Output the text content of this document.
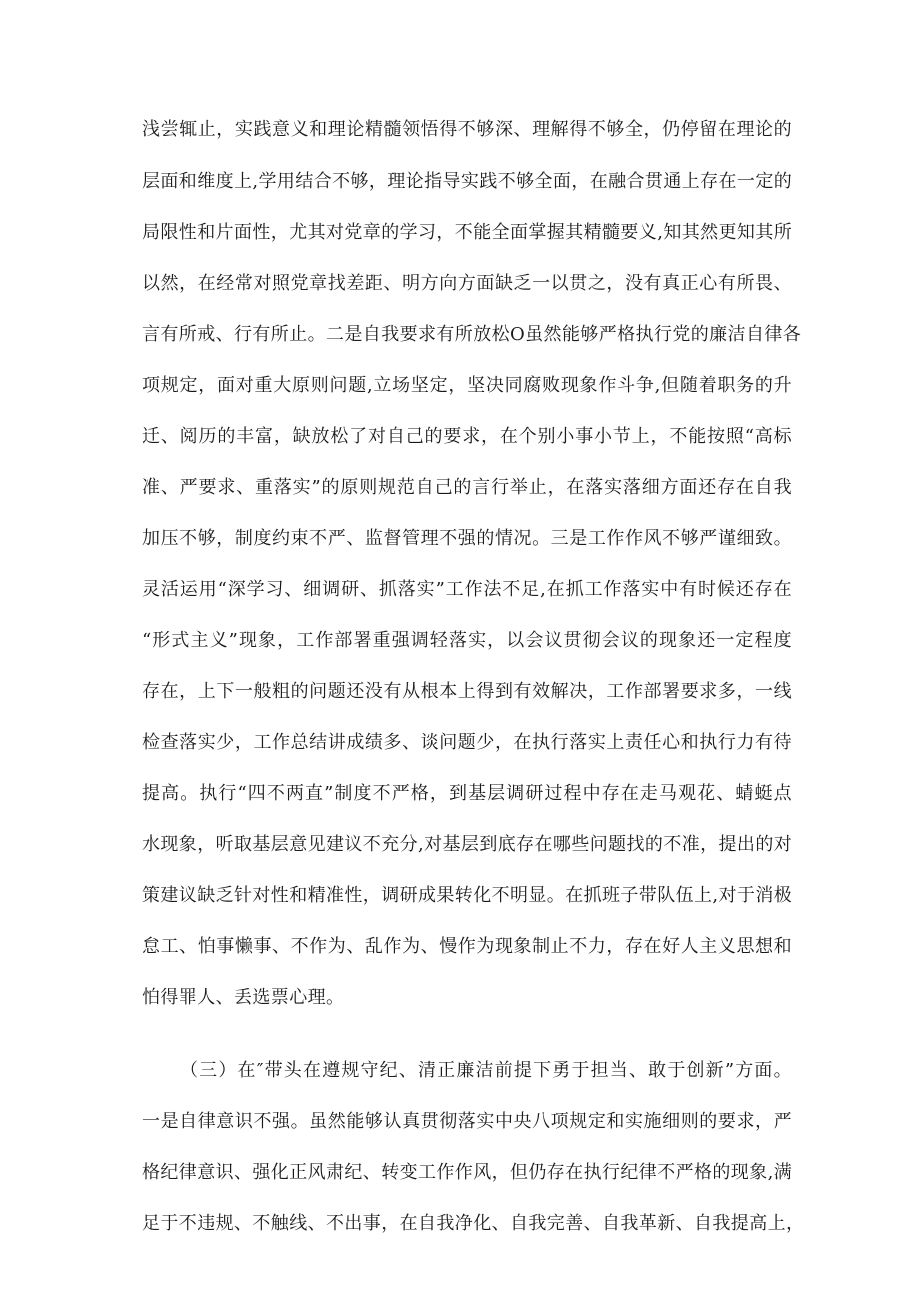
浅尝辄止，实践意义和理论精髓领悟得不够深、理解得不够全，仍停留在理论的
层面和维度上,学用结合不够，理论指导实践不够全面，在融合贯通上存在一定的
局限性和片面性，尤其对党章的学习，不能全面掌握其精髓要义,知其然更知其所
以然，在经常对照党章找差距、明方向方面缺乏一以贯之，没有真正心有所畏、
言有所戒、行有所止。二是自我要求有所放松O虽然能够严格执行党的廉洁自律各
项规定，面对重大原则问题,立场坚定，坚决同腐败现象作斗争,但随着职务的升
迁、阅历的丰富，缺放松了对自己的要求，在个别小事小节上，不能按照“高标
准、严要求、重落实”的原则规范自己的言行举止，在落实落细方面还存在自我
加压不够，制度约束不严、监督管理不强的情况。三是工作作风不够严谨细致。
灵活运用“深学习、细调研、抓落实”工作法不足,在抓工作落实中有时候还存在
“形式主义”现象，工作部署重强调轻落实，以会议贯彻会议的现象还一定程度
存在，上下一般粗的问题还没有从根本上得到有效解决，工作部署要求多，一线
检查落实少，工作总结讲成绩多、谈问题少，在执行落实上责任心和执行力有待
提高。执行“四不两直”制度不严格，到基层调研过程中存在走马观花、蜻蜓点
水现象，听取基层意见建议不充分,对基层到底存在哪些问题找的不准，提出的对
策建议缺乏针对性和精准性，调研成果转化不明显。在抓班子带队伍上,对于消极
怠工、怕事懒事、不作为、乱作为、慢作为现象制止不力，存在好人主义思想和
怕得罪人、丢选票心理。
（三）在″带头在遵规守纪、清正廉洁前提下勇于担当、敢于创新”方面。
一是自律意识不强。虽然能够认真贯彻落实中央八项规定和实施细则的要求，严
格纪律意识、强化正风肃纪、转变工作作风，但仍存在执行纪律不严格的现象,满
足于不违规、不触线、不出事，在自我净化、自我完善、自我革新、自我提高上，
